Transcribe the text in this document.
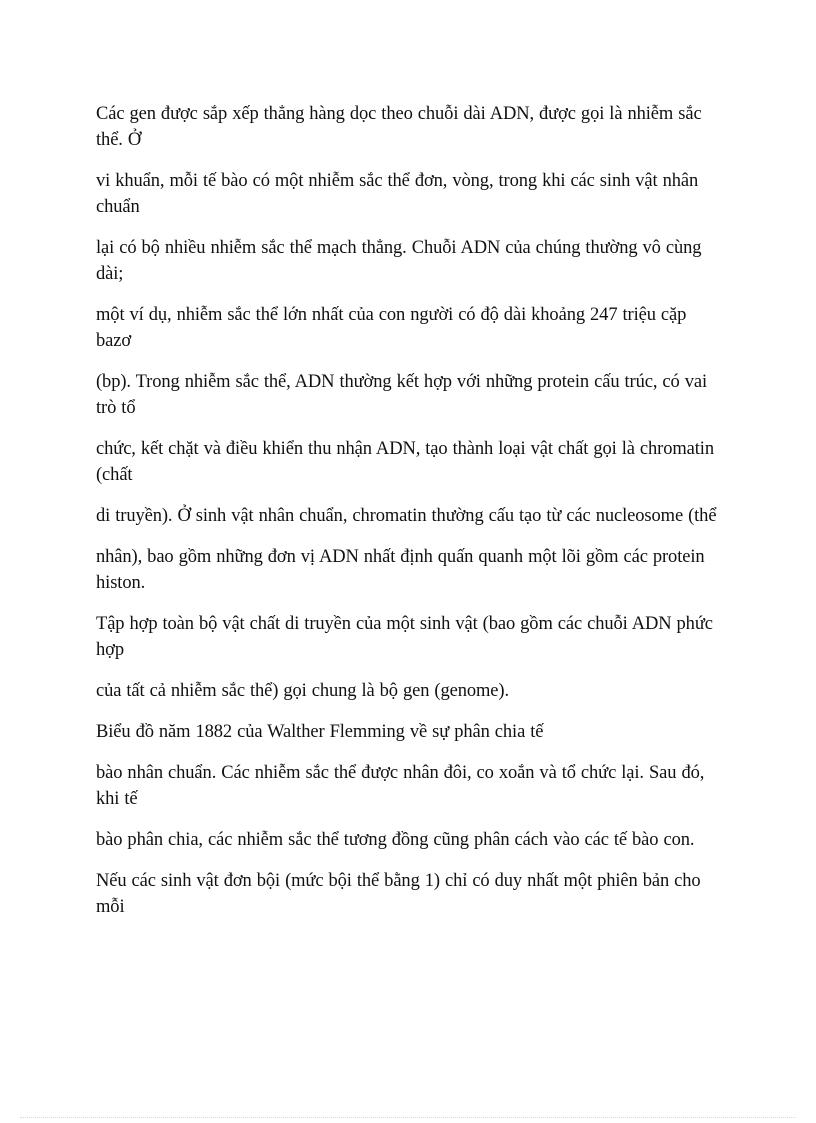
Các gen được sắp xếp thẳng hàng dọc theo chuỗi dài ADN, được gọi là nhiễm sắc thể. Ở

vi khuẩn, mỗi tế bào có một nhiễm sắc thể đơn, vòng, trong khi các sinh vật nhân chuẩn

lại có bộ nhiều nhiễm sắc thể mạch thẳng. Chuỗi ADN của chúng thường vô cùng dài;

một ví dụ, nhiễm sắc thể lớn nhất của con người có độ dài khoảng 247 triệu cặp bazơ

(bp). Trong nhiễm sắc thể, ADN thường kết hợp với những protein cấu trúc, có vai trò tổ

chức, kết chặt và điều khiển thu nhận ADN, tạo thành loại vật chất gọi là chromatin (chất

di truyền). Ở sinh vật nhân chuẩn, chromatin thường cấu tạo từ các nucleosome (thể

nhân), bao gồm những đơn vị ADN nhất định quấn quanh một lõi gồm các protein histon.

Tập hợp toàn bộ vật chất di truyền của một sinh vật (bao gồm các chuỗi ADN phức hợp

của tất cả nhiễm sắc thể) gọi chung là bộ gen (genome).

Biểu đồ năm 1882 của Walther Flemming về sự phân chia tế

bào nhân chuẩn. Các nhiễm sắc thể được nhân đôi, co xoắn và tổ chức lại. Sau đó, khi tế

bào phân chia, các nhiễm sắc thể tương đồng cũng phân cách vào các tế bào con.

Nếu các sinh vật đơn bội (mức bội thể bằng 1) chỉ có duy nhất một phiên bản cho mỗi
